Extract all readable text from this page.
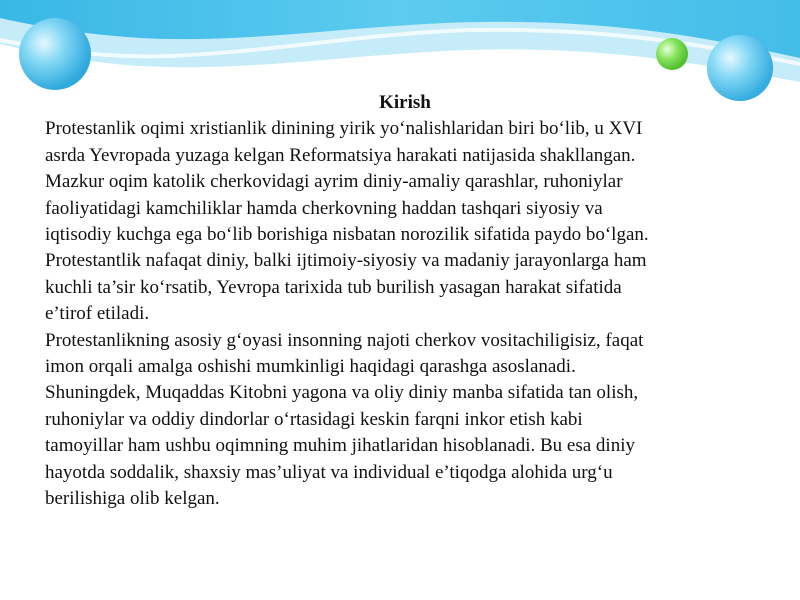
Kirish
Protestanlik oqimi xristianlik dinining yirik yo‘nalishlaridan biri bo‘lib, u XVI
asrda Yevropada yuzaga kelgan Reformatsiya harakati natijasida shakllangan.
Mazkur oqim katolik cherkovidagi ayrim diniy-amaliy qarashlar, ruhoniylar
faoliyatidagi kamchiliklar hamda cherkovning haddan tashqari siyosiy va
iqtisodiy kuchga ega bo‘lib borishiga nisbatan norozilik sifatida paydo bo‘lgan.
Protestantlik nafaqat diniy, balki ijtimoiy-siyosiy va madaniy jarayonlarga ham
kuchli ta’sir ko‘rsatib, Yevropa tarixida tub burilish yasagan harakat sifatida
e’tirof etiladi.
Protestanlikning asosiy g‘oyasi insonning najoti cherkov vositachiligisiz, faqat
imon orqali amalga oshishi mumkinligi haqidagi qarashga asoslanadi.
Shuningdek, Muqaddas Kitobni yagona va oliy diniy manba sifatida tan olish,
ruhoniylar va oddiy dindorlar o‘rtasidagi keskin farqni inkor etish kabi
tamoyillar ham ushbu oqimning muhim jihatlaridan hisoblanadi. Bu esa diniy
hayotda soddalik, shaxsiy mas’uliyat va individual e’tiqodga alohida urg‘u
berilishiga olib kelgan.
